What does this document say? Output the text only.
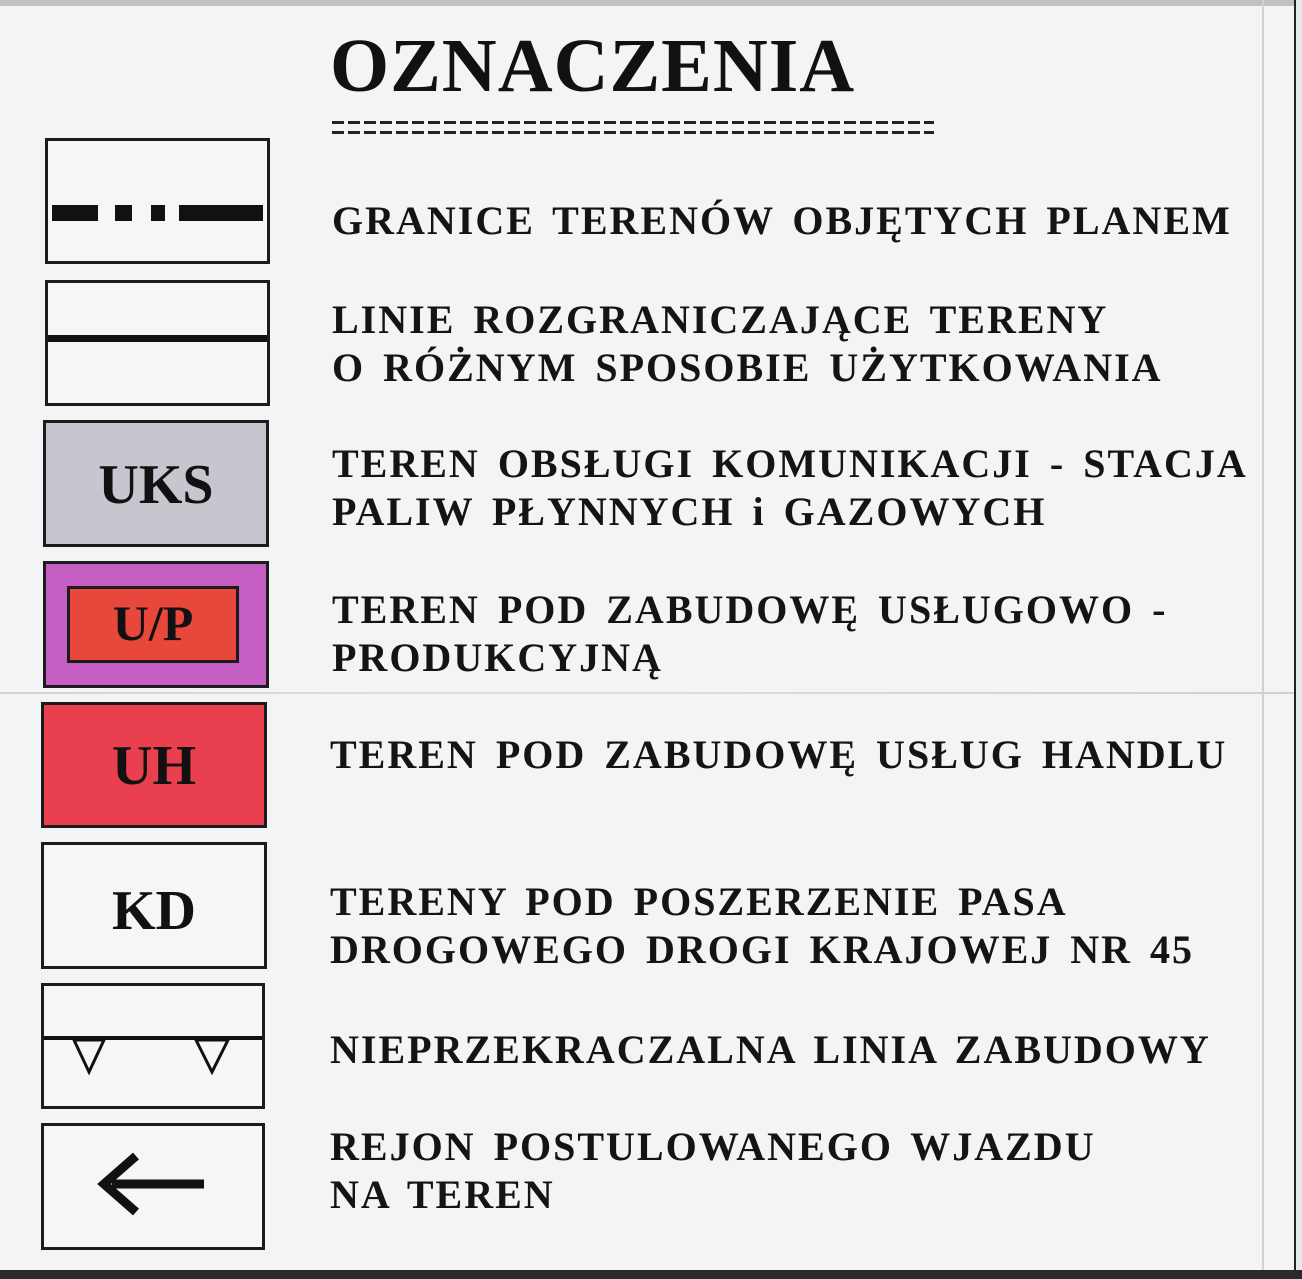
OZNACZENIA
GRANICE TERENÓW OBJĘTYCH PLANEM
LINIE ROZGRANICZAJĄCE TERENY
O RÓŻNYM SPOSOBIE UŻYTKOWANIA
UKS	TEREN OBSŁUGI KOMUNIKACJI - STACJA
PALIW PŁYNNYCH i GAZOWYCH
U/P	TEREN POD ZABUDOWĘ USŁUGOWO -
PRODUKCYJNĄ
UH	TEREN POD ZABUDOWĘ USŁUG HANDLU
KD	TERENY POD POSZERZENIE PASA
DROGOWEGO DROGI KRAJOWEJ NR 45
NIEPRZEKRACZALNA LINIA ZABUDOWY
REJON POSTULOWANEGO WJAZDU
NA TEREN
